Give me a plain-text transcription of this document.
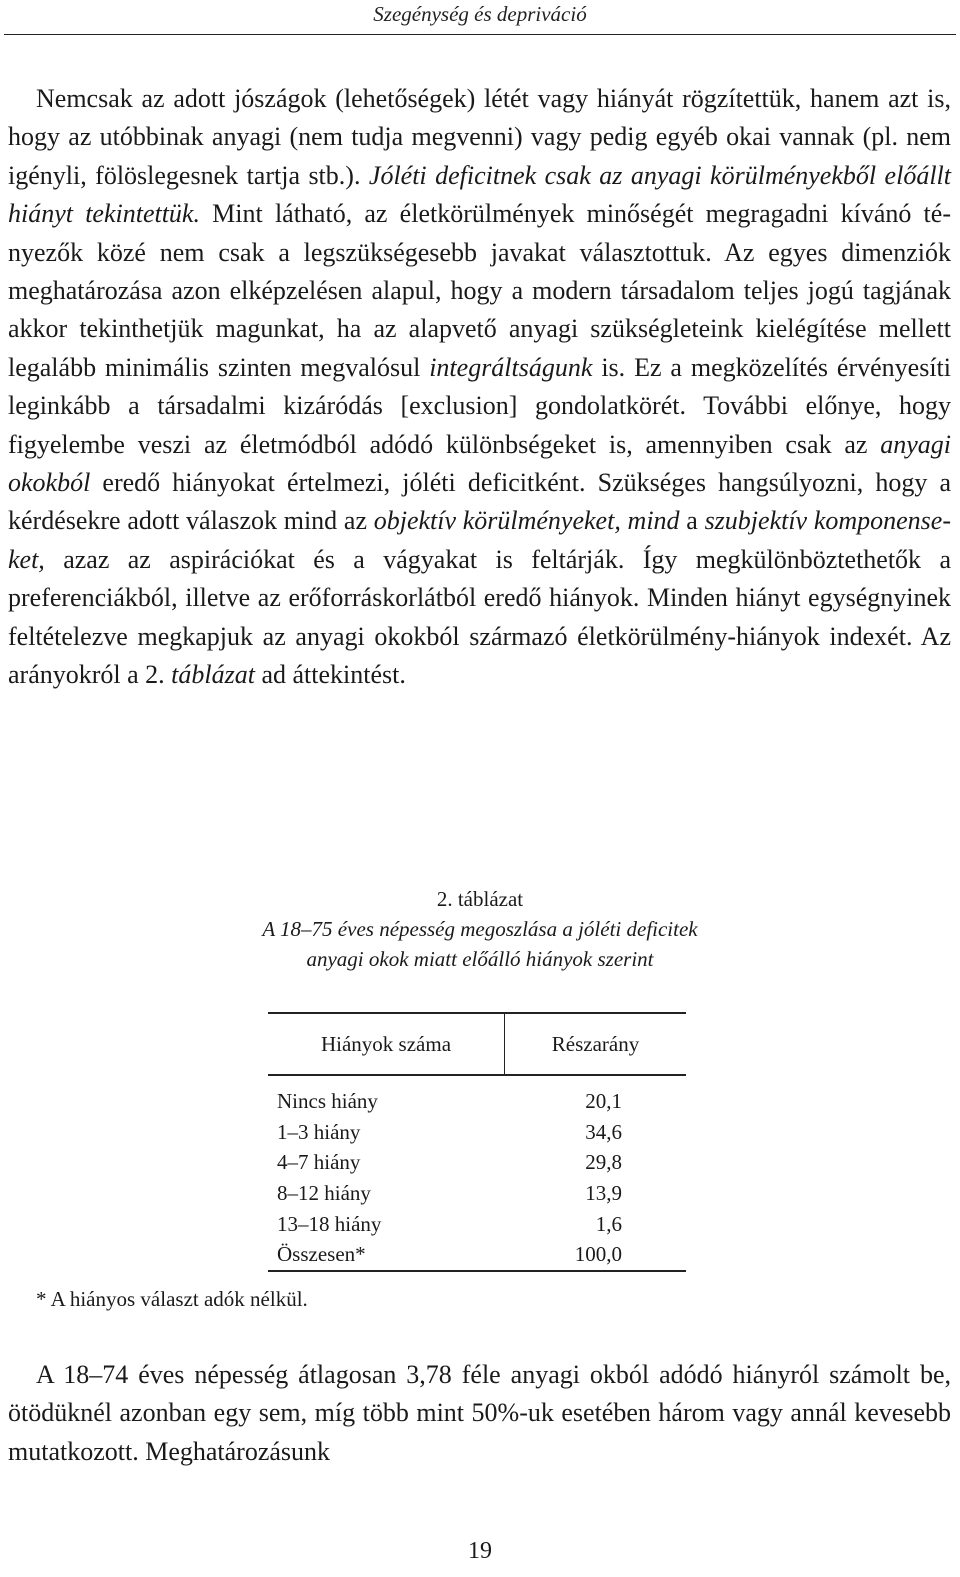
Szegénység és depriváció

Nemcsak az adott jószágok (lehetőségek) létét vagy hiányát rögzítettük, hanem azt is, hogy az utóbbinak anyagi (nem tudja megvenni) vagy pedig egyéb okai vannak (pl. nem igényli, fölöslegesnek tartja stb.). Jóléti deficitnek csak az anyagi körülményekből előállt hiányt tekintettük. Mint látható, az életkörülmények minőségét megragadni kívánó tényezők közé nem csak a legszükségesebb javakat választottuk. Az egyes dimenziók meghatározása azon elképzelésen alapul, hogy a modern társadalom teljes jogú tagjának akkor tekinthetjük magunkat, ha az alapvető anyagi szükségleteink kielégítése mellett legalább minimális szinten megvalósul integráltságunk is. Ez a megközelítés érvényesíti leginkább a társadalmi kizáródás [exclusion] gondolatkörét. További előnye, hogy figyelembe veszi az életmódból adódó különbségeket is, amennyiben csak az anyagi okokból eredő hiányokat értelmezi, jóléti deficitként. Szükséges hangsúlyozni, hogy a kérdésekre adott válaszok mind az objektív körülményeket, mind a szubjektív komponenseket, azaz az aspirációkat és a vágyakat is feltárják. Így megkülönböztethetők a preferenciákból, illetve az erőforráskorlátból eredő hiányok. Minden hiányt egységnyinek feltételezve megkapjuk az anyagi okokból származó életkörülmény-hiányok indexét. Az arányokról a 2. táblázat ad áttekintést.

2. táblázat

A 18–75 éves népesség megoszlása a jóléti deficitek
anyagi okok miatt előálló hiányok szerint

Hiányok száma	Részarány
Nincs hiány	20,1
1–3 hiány	34,6
4–7 hiány	29,8
8–12 hiány	13,9
13–18 hiány	1,6
Összesen*	100,0

* A hiányos választ adók nélkül.

A 18–74 éves népesség átlagosan 3,78 féle anyagi okból adódó hiányról számolt be, ötödüknél azonban egy sem, míg több mint 50%-uk esetében három vagy annál kevesebb mutatkozott. Meghatározásunk

19
